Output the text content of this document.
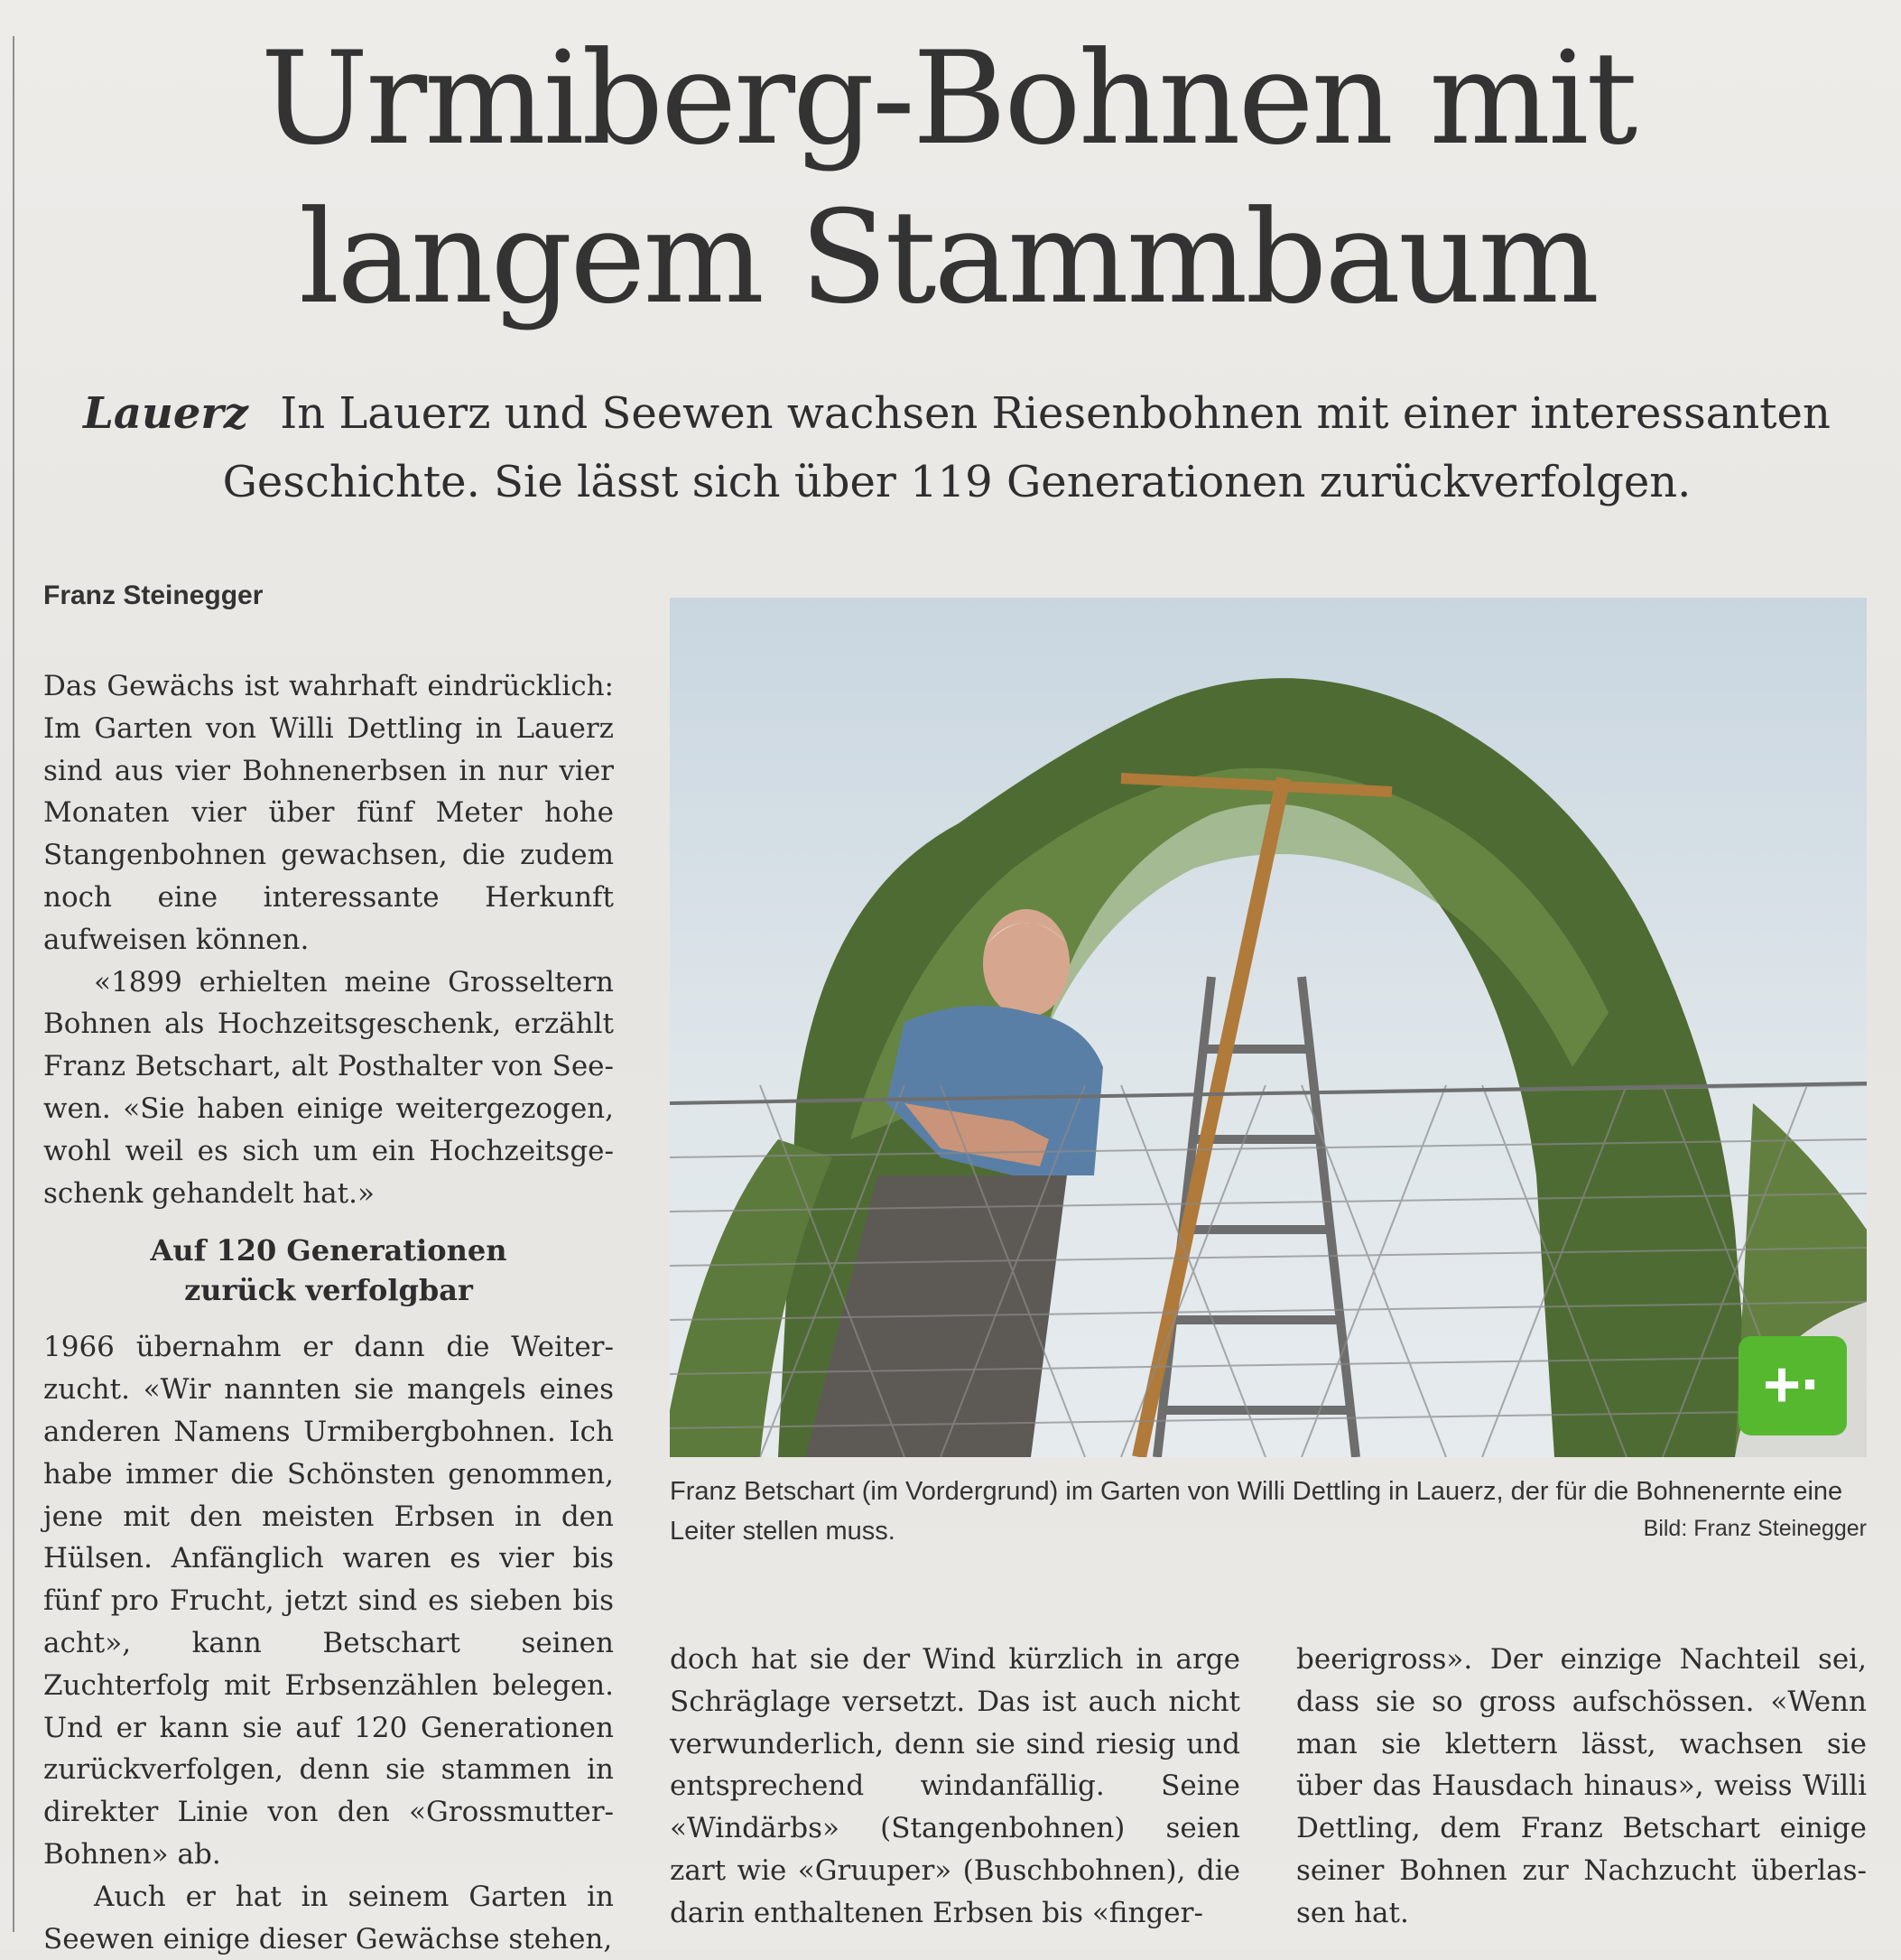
Urmiberg-Bohnen mit
langem Stammbaum
Lauerz In Lauerz und Seewen wachsen Riesenbohnen mit einer interessanten
Geschichte. Sie lässt sich über 119 Generationen zurückverfolgen.
Franz Steinegger

Das Gewächs ist wahrhaft eindrücklich: Im Garten von Willi Dettling in Lauerz sind aus vier Bohnenerbsen in nur vier Monaten vier über fünf Meter hohe Stangenbohnen gewachsen, die zudem noch eine interessante Herkunft aufweisen können.

«1899 erhielten meine Grosseltern Bohnen als Hochzeitsgeschenk, erzählt Franz Betschart, alt Posthalter von Seewen. «Sie haben einige weitergezogen, wohl weil es sich um ein Hochzeitsgeschenk gehandelt hat.»

Auf 120 Generationen
zurück verfolgbar

1966 übernahm er dann die Weiterzucht. «Wir nannten sie mangels eines anderen Namens Urmibergbohnen. Ich habe immer die Schönsten genommen, jene mit den meisten Erbsen in den Hülsen. Anfänglich waren es vier bis fünf pro Frucht, jetzt sind es sieben bis acht», kann Betschart seinen Zuchterfolg mit Erbsenzählen belegen. Und er kann sie auf 120 Generationen zurückverfolgen, denn sie stammen in direkter Linie von den «Grossmutter-Bohnen» ab.

Auch er hat in seinem Garten in Seewen einige dieser Gewächse stehen,

doch hat sie der Wind kürzlich in arge Schräglage versetzt. Das ist auch nicht verwunderlich, denn sie sind riesig und entsprechend windanfällig. Seine «Windärbs» (Stangenbohnen) seien zart wie «Gruuper» (Buschbohnen), die darin enthaltenen Erbsen bis «finger-

beerigross». Der einzige Nachteil sei, dass sie so gross aufschössen. «Wenn man sie klettern lässt, wachsen sie über das Hausdach hinaus», weiss Willi Dettling, dem Franz Betschart einige seiner Bohnen zur Nachzucht überlassen hat.

+·
Franz Betschart (im Vordergrund) im Garten von Willi Dettling in Lauerz, der für die Bohnenernte eine Leiter stellen muss.	Bild: Franz Steinegger
